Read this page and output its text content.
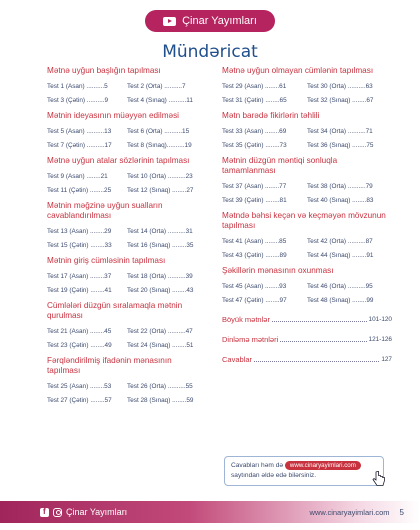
Çinar Yayımları
Mündəricat
Mətnə uyğun başlığın tapılması
Test 1 (Asan) ..........5	Test 2 (Orta) ..........7
Test 3 (Çətin) ..........9	Test 4 (Sınaq) ..........11
Mətnin ideyasının müəyyən edilməsi
Test 5 (Asan) ..........13	Test 6 (Orta) ..........15
Test 7 (Çətin) ..........17	Test 8 (Sınaq)..........19
Mətnə uyğun atalar sözlərinin tapılması
Test 9 (Asan) ........21	Test 10 (Orta) ..........23
Test 11 (Çətin) ........25	Test 12 (Sınaq) ........27
Mətnin məğzinə uyğun sualların cavablandırılması
Test 13 (Asan) ........29	Test 14 (Orta) ..........31
Test 15 (Çətin) ........33	Test 16 (Sınaq) ........35
Mətnin giriş cümləsinin tapılması
Test 17 (Asan) ........37	Test 18 (Orta) ..........39
Test 19 (Çətin) ........41	Test 20 (Sınaq) ........43
Cümlələri düzgün sıralamaqla mətnin qurulması
Test 21 (Asan) ........45	Test 22 (Orta) ..........47
Test 23 (Çətin) ........49	Test 24 (Sınaq) ........51
Fərqləndirilmiş ifadənin mənasının tapılması
Test 25 (Asan) ........53	Test 26 (Orta) ..........55
Test 27 (Çətin) ........57	Test 28 (Sınaq) ........59
Mətnə uyğun olmayan cümlənin tapılması
Test 29 (Asan) ........61	Test 30 (Orta) ..........63
Test 31 (Çətin) ........65	Test 32 (Sınaq) ........67
Mətn barədə fikirlərin təhlili
Test 33 (Asan) ........69	Test 34 (Orta) ..........71
Test 35 (Çətin) ........73	Test 36 (Sınaq) ........75
Mətnin düzgün məntiqi sonluqla tamamlanması
Test 37 (Asan) ........77	Test 38 (Orta) ..........79
Test 39 (Çətin) ........81	Test 40 (Sınaq) ........83
Mətndə bəhsi keçən və keçməyən mövzunun tapılması
Test 41 (Asan) ........85	Test 42 (Orta) ..........87
Test 43 (Çətin) ........89	Test 44 (Sınaq) ........91
Şəkillərin mənasının oxunması
Test 45 (Asan) ........93	Test 46 (Orta) ..........95
Test 47 (Çətin) ........97	Test 48 (Sınaq) ........99
Böyük mətnlər	101-120
Dinləmə mətnləri	121-126
Cavablar	127
Cavabları həm də www.cinaryayimlari.com
saytından əldə edə bilərsiniz.
f
Çinar Yayımları	www.cinaryayimlari.com 5
